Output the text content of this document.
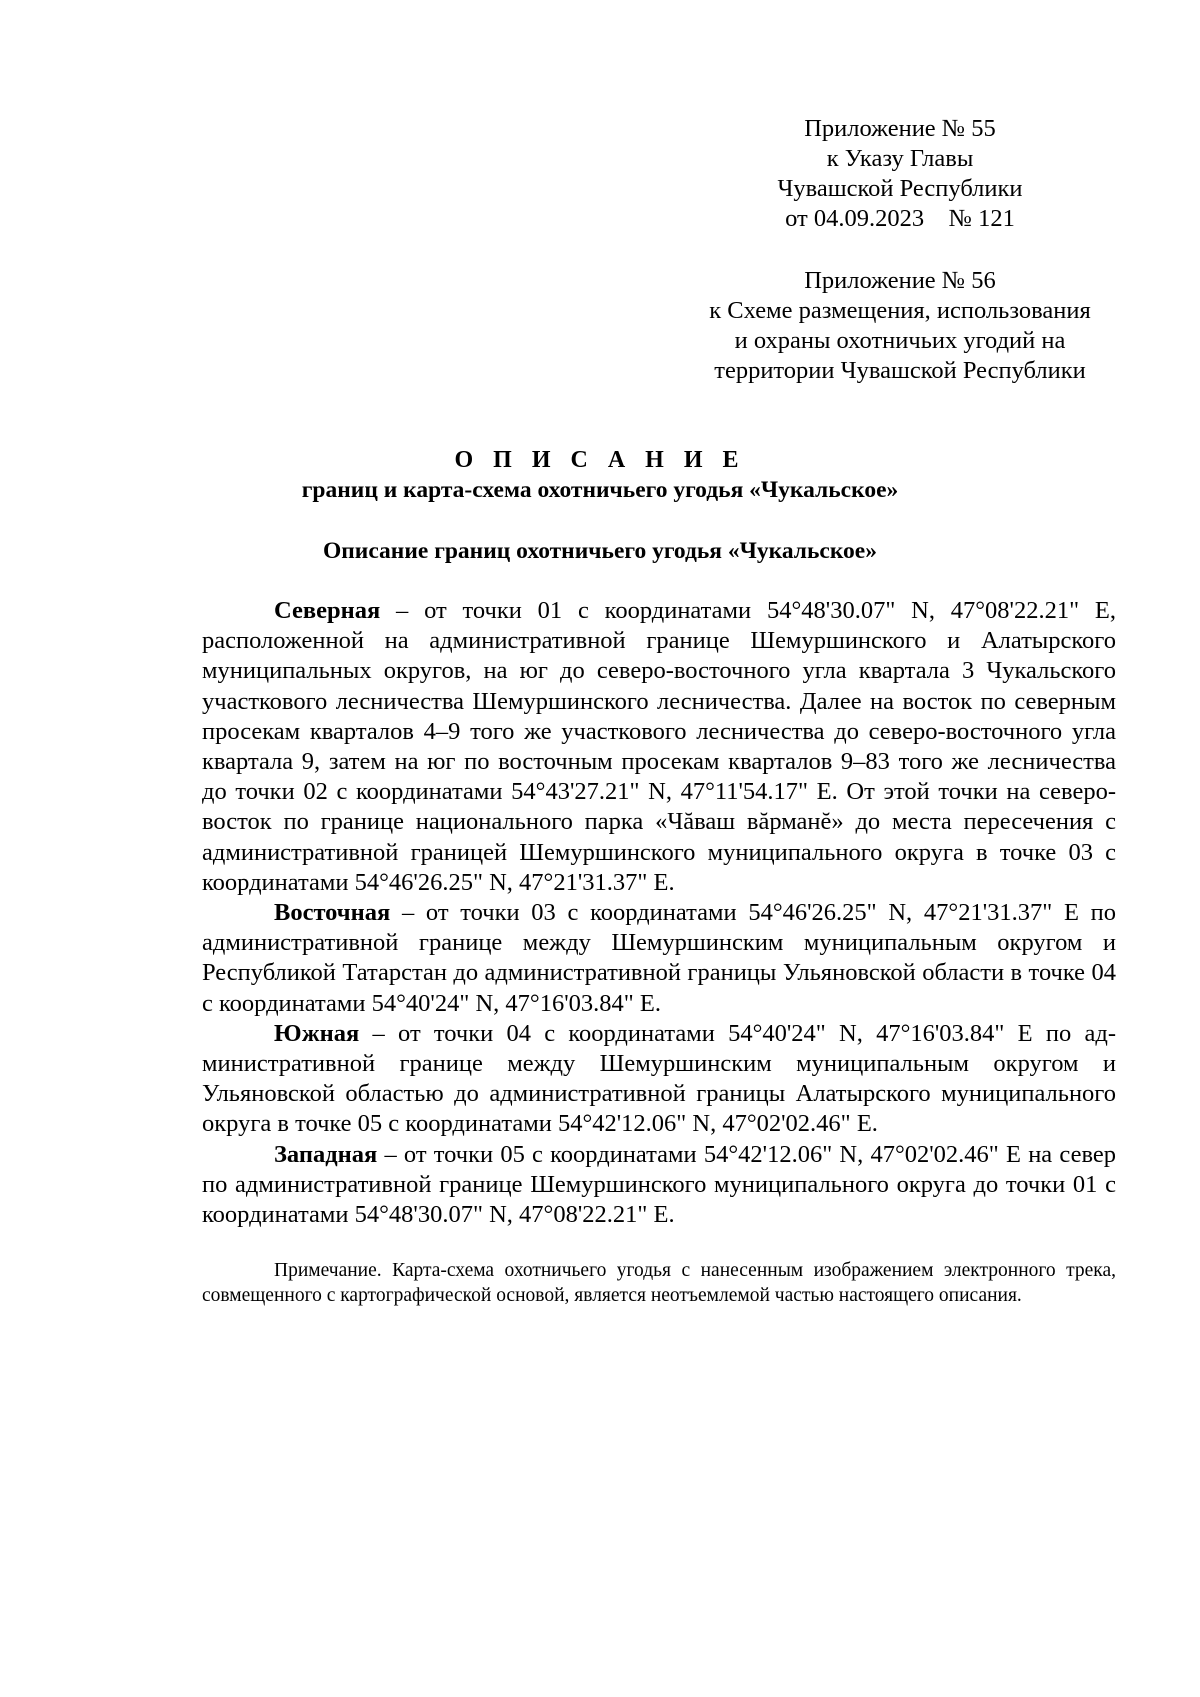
Приложение № 55
к Указу Главы
Чувашской Республики
от 04.09.2023    № 121
Приложение № 56
к Схеме размещения, использования
и охраны охотничьих угодий на
территории Чувашской Республики
О П И С А Н И Е
границ и карта-схема охотничьего угодья «Чукальское»
Описание границ охотничьего угодья «Чукальское»

Северная – от точки 01 с координатами 54°48'30.07" N, 47°08'22.21" E, расположенной на административной границе Шемуршинского и Алатырского муниципальных округов, на юг до северо-восточного угла квартала 3 Чукальского участкового лесничества Шемуршинского лесничества. Далее на восток по северным просекам кварталов 4–9 того же участкового лесничества до северо-восточного угла квартала 9, затем на юг по восточным просекам кварталов 9–83 того же лесничества до точки 02 с координатами 54°43'27.21" N, 47°11'54.17" E. От этой точки на северо-восток по границе национального парка «Чăваш вăрманĕ» до места пересечения с административной границей Шемуршинского муниципального округа в точке 03 с координатами 54°46'26.25" N, 47°21'31.37" E.

Восточная – от точки 03 с координатами 54°46'26.25" N, 47°21'31.37" E по административной границе между Шемуршинским муниципальным округом и Республикой Татарстан до административной границы Ульяновской области в точке 04 с координатами 54°40'24" N, 47°16'03.84" E.

Южная – от точки 04 с координатами 54°40'24" N, 47°16'03.84" E по административной границе между Шемуршинским муниципальным округом и Ульяновской областью до административной границы Алатырского муниципального округа в точке 05 с координатами 54°42'12.06" N, 47°02'02.46" E.

Западная – от точки 05 с координатами 54°42'12.06" N, 47°02'02.46" E на север по административной границе Шемуршинского муниципального округа до точки 01 с координатами 54°48'30.07" N, 47°08'22.21" E.

Примечание. Карта-схема охотничьего угодья с нанесенным изображением электронного трека, совмещенного с картографической основой, является неотъемлемой частью настоящего описания.
